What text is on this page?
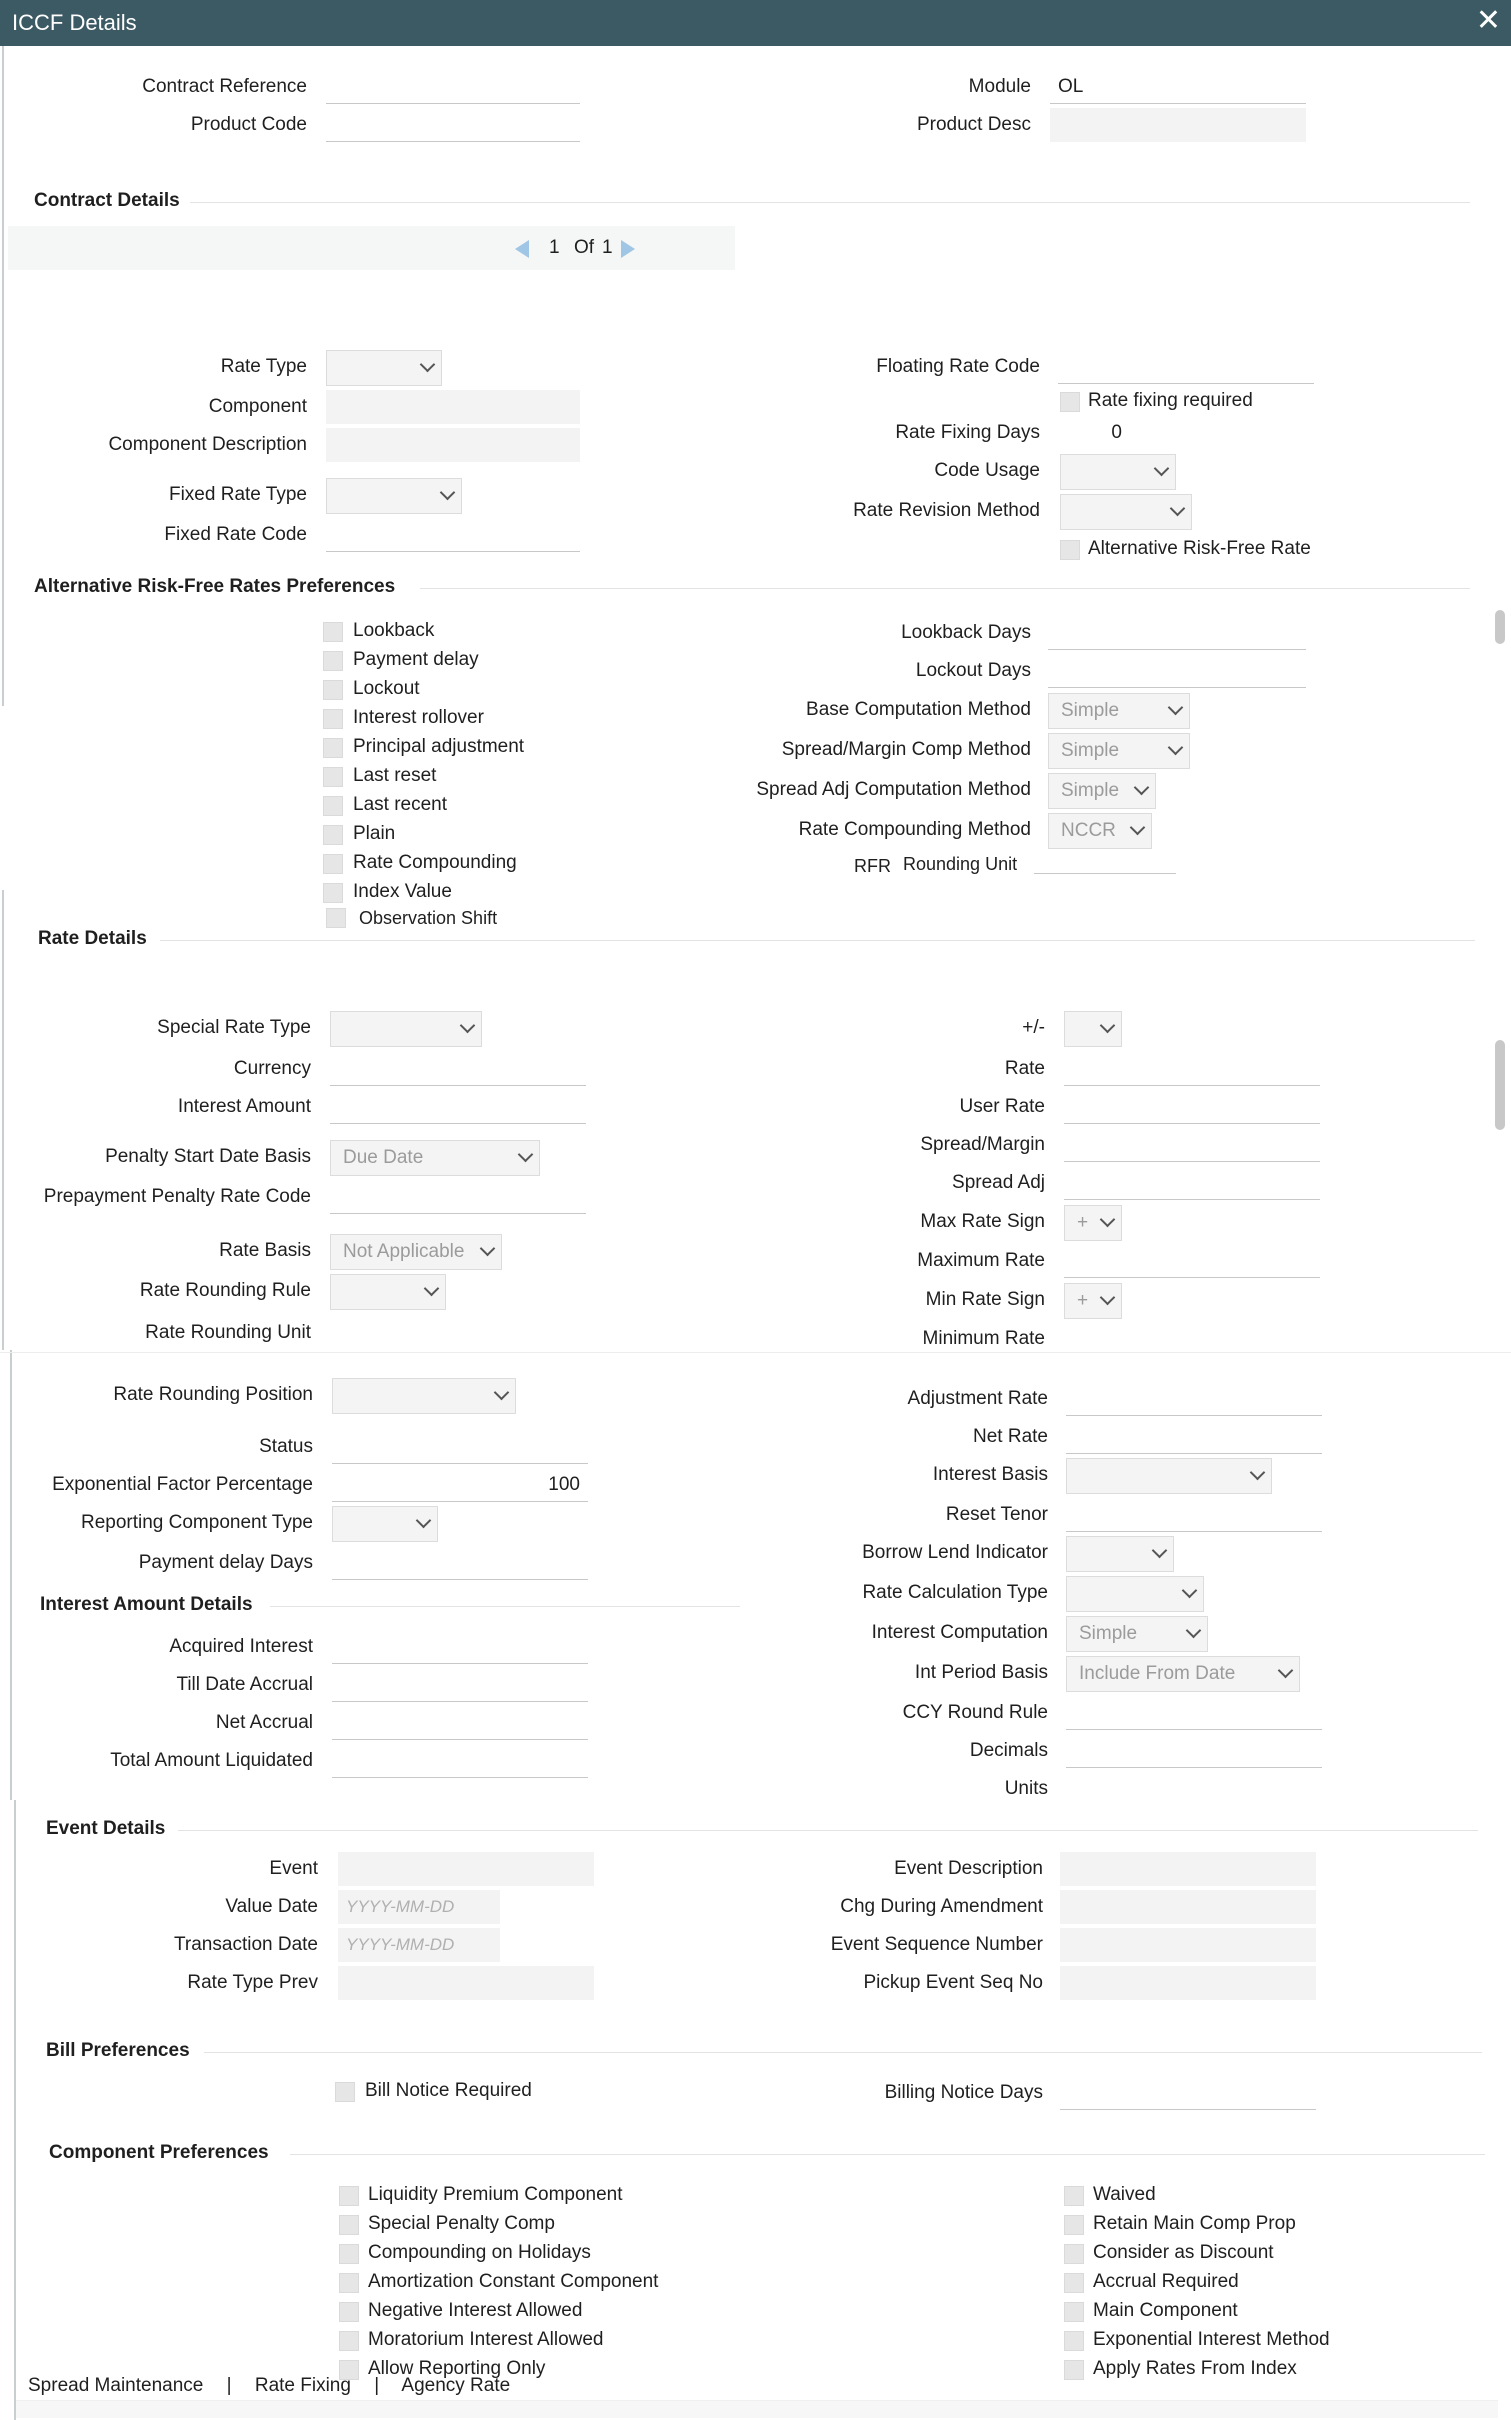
ICCF Details	✕
Contract Reference
Product Code
Module	OL
Product Desc
Contract Details
1 Of 1
Rate Type
Component
Component Description
Fixed Rate Type
Fixed Rate Code
Floating Rate Code
Rate fixing required
Rate Fixing Days	0
Code Usage
Rate Revision Method
Alternative Risk-Free Rate
Alternative Risk-Free Rates Preferences
Lookback
Payment delay
Lockout
Interest rollover
Principal adjustment
Last reset
Last recent
Plain
Rate Compounding
Index Value
Observation Shift
Lookback Days
Lockout Days
Base Computation Method	Simple
Spread/Margin Comp Method	Simple
Spread Adj Computation Method	Simple
Rate Compounding Method	NCCR
RFR Rounding Unit
Rate Details
Special Rate Type
Currency
Interest Amount
Penalty Start Date Basis	Due Date
Prepayment Penalty Rate Code
Rate Basis	Not Applicable
Rate Rounding Rule
Rate Rounding Unit
+/-
Rate
User Rate
Spread/Margin
Spread Adj
Max Rate Sign	+
Maximum Rate
Min Rate Sign	+
Minimum Rate
Rate Rounding Position
Status
Exponential Factor Percentage	100
Reporting Component Type
Payment delay Days
Adjustment Rate
Net Rate
Interest Basis
Reset Tenor
Borrow Lend Indicator
Rate Calculation Type
Interest Computation	Simple
Int Period Basis	Include From Date
CCY Round Rule
Decimals
Units
Interest Amount Details
Acquired Interest
Till Date Accrual
Net Accrual
Total Amount Liquidated
Event Details
Event
Value Date	YYYY-MM-DD
Transaction Date	YYYY-MM-DD
Rate Type Prev
Event Description
Chg During Amendment
Event Sequence Number
Pickup Event Seq No
Bill Preferences
Bill Notice Required	Billing Notice Days
Component Preferences
Liquidity Premium Component
Special Penalty Comp
Compounding on Holidays
Amortization Constant Component
Negative Interest Allowed
Moratorium Interest Allowed
Allow Reporting Only
Waived
Retain Main Comp Prop
Consider as Discount
Accrual Required
Main Component
Exponential Interest Method
Apply Rates From Index
Spread Maintenance | Rate Fixing | Agency Rate
